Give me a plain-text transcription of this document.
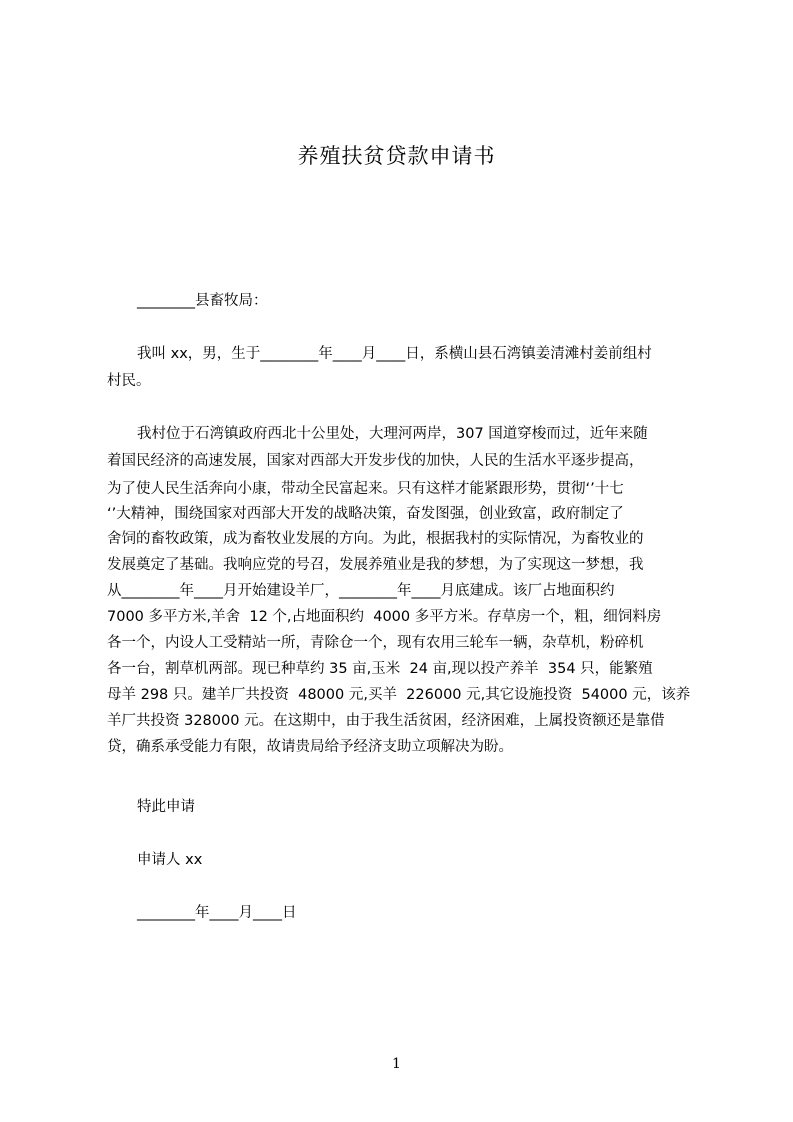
养殖扶贫贷款申请书
________县畜牧局：
我叫 xx，男，生于________年____月____日，系横山县石湾镇姜清滩村姜前组村
村民。
我村位于石湾镇政府西北十公里处，大理河两岸，307 国道穿梭而过，近年来随
着国民经济的高速发展，国家对西部大开发步伐的加快，人民的生活水平逐步提高，
为了使人民生活奔向小康，带动全民富起来。只有这样才能紧跟形势，贯彻‘’十七
‘’大精神，围绕国家对西部大开发的战略决策，奋发图强，创业致富，政府制定了
舍饲的畜牧政策，成为畜牧业发展的方向。为此，根据我村的实际情况，为畜牧业的
发展奠定了基础。我响应党的号召，发展养殖业是我的梦想，为了实现这一梦想，我
从________年____月开始建设羊厂，________年____月底建成。该厂占地面积约
7000 多平方米,羊舍  12 个,占地面积约  4000 多平方米。存草房一个，粗，细饲料房
各一个，内设人工受精站一所，青除仓一个，现有农用三轮车一辆，杂草机，粉碎机
各一台，割草机两部。现已种草约 35 亩,玉米  24 亩,现以投产养羊  354 只，能繁殖
母羊 298 只。建羊厂共投资  48000 元,买羊  226000 元,其它设施投资  54000 元，该养
羊厂共投资 328000 元。在这期中，由于我生活贫困，经济困难，上属投资额还是靠借
贷，确系承受能力有限，故请贵局给予经济支助立项解决为盼。
特此申请
申请人 xx
________年____月____日
1
